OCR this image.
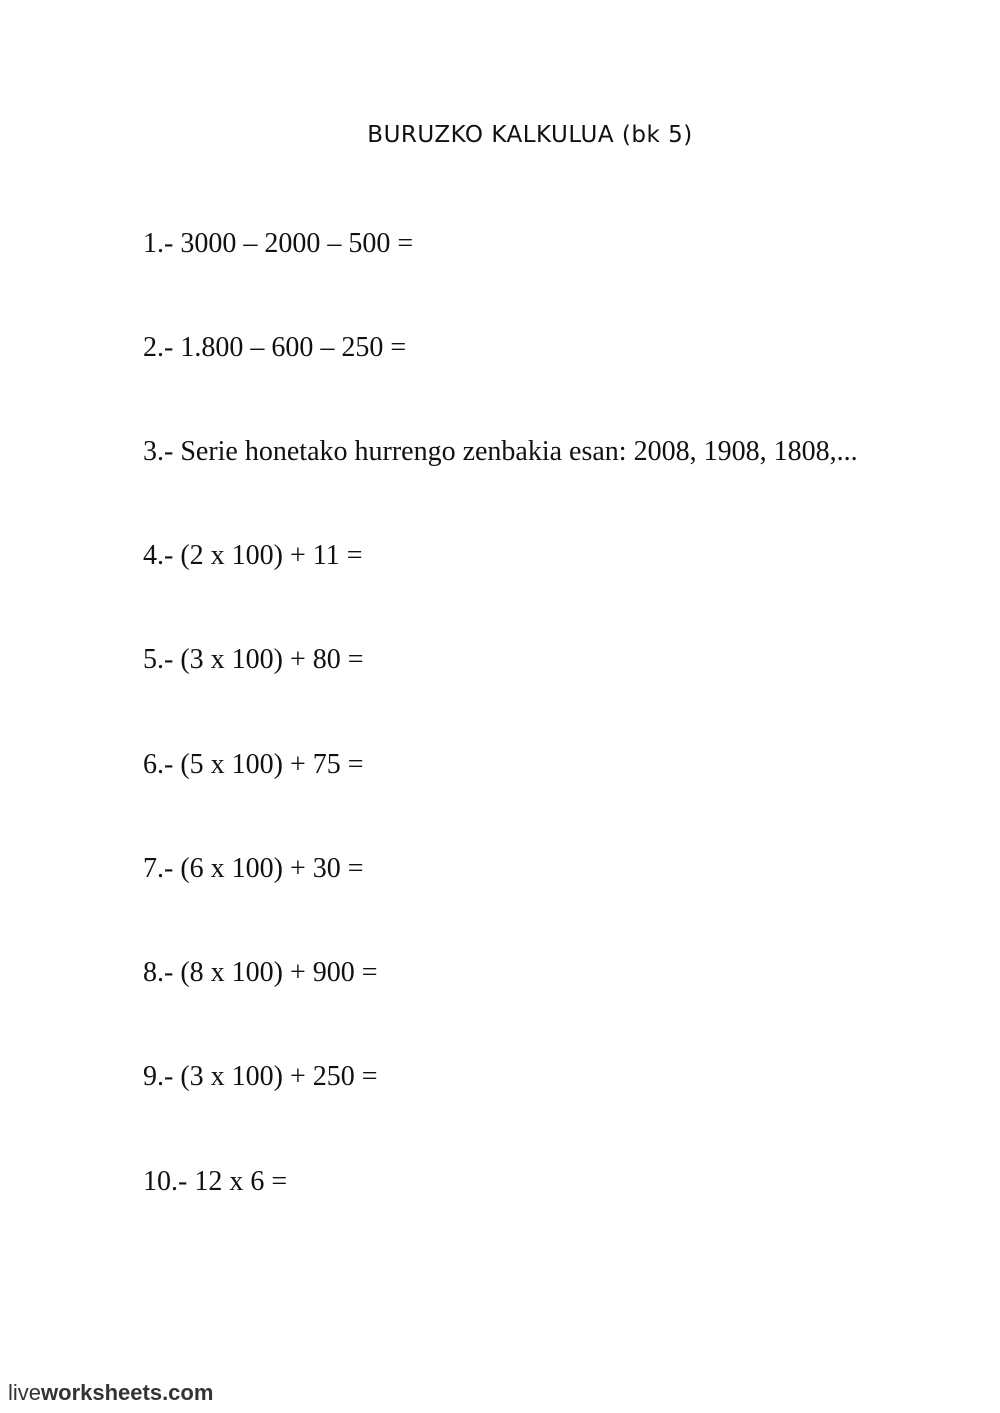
BURUZKO KALKULUA (bk 5)
1.- 3000 – 2000 – 500 =
2.- 1.800 – 600 – 250 =
3.- Serie honetako hurrengo zenbakia esan: 2008, 1908, 1808,...
4.- (2 x 100) + 11 =
5.- (3 x 100) + 80 =
6.- (5 x 100) + 75 =
7.- (6 x 100) + 30 =
8.- (8 x 100) + 900 =
9.- (3 x 100) + 250 =
10.- 12 x 6 =
liveworksheets.com
